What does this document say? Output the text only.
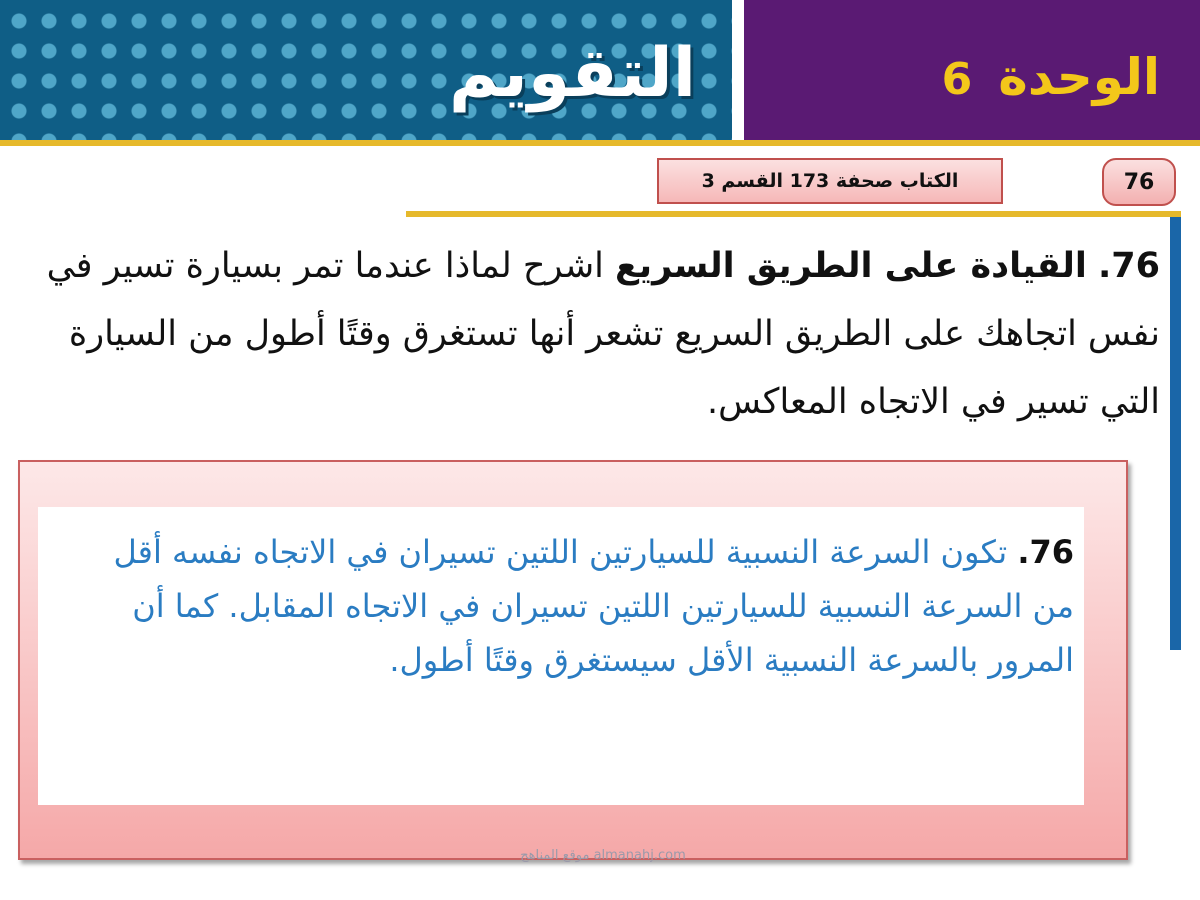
التقويم	الوحدة
6
الكتاب صحفة 173 القسم 3	76
76. القيادة على الطريق السريع اشرح لماذا عندما تمر بسيارة تسير في نفس اتجاهك على الطريق السريع تشعر أنها تستغرق وقتًا أطول من السيارة التي تسير في الاتجاه المعاكس.
76. تكون السرعة النسبية للسيارتين اللتين تسيران في الاتجاه نفسه أقل من السرعة النسبية للسيارتين اللتين تسيران في الاتجاه المقابل. كما أن المرور بالسرعة النسبية الأقل سيستغرق وقتًا أطول.
موقع المناهج almanahj.com
